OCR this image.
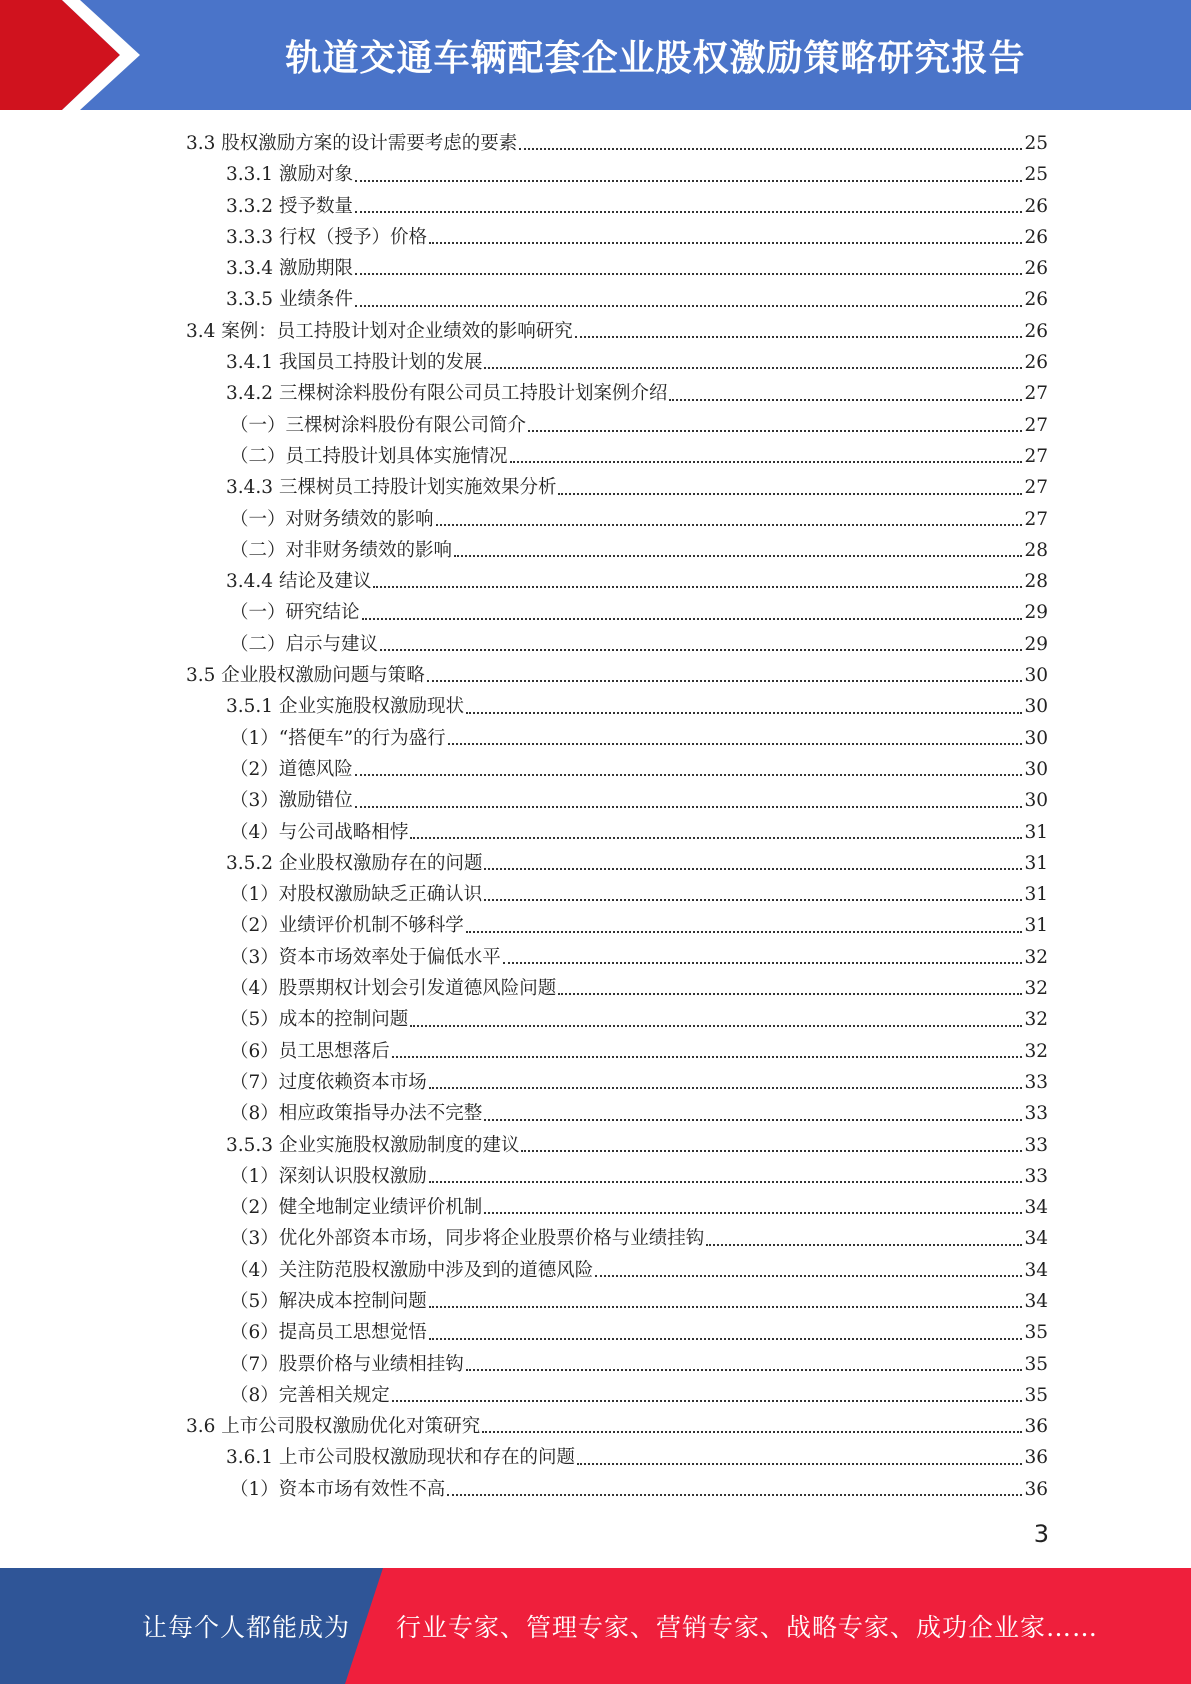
轨道交通车辆配套企业股权激励策略研究报告
3.3 股权激励方案的设计需要考虑的要素	25
3.3.1 激励对象	25
3.3.2 授予数量	26
3.3.3 行权（授予）价格	26
3.3.4 激励期限	26
3.3.5 业绩条件	26
3.4 案例：员工持股计划对企业绩效的影响研究	26
3.4.1 我国员工持股计划的发展	26
3.4.2 三棵树涂料股份有限公司员工持股计划案例介绍	27
（一）三棵树涂料股份有限公司简介	27
（二）员工持股计划具体实施情况	27
3.4.3 三棵树员工持股计划实施效果分析	27
（一）对财务绩效的影响	27
（二）对非财务绩效的影响	28
3.4.4 结论及建议	28
（一）研究结论	29
（二）启示与建议	29
3.5 企业股权激励问题与策略	30
3.5.1 企业实施股权激励现状	30
（1）“搭便车”的行为盛行	30
（2）道德风险	30
（3）激励错位	30
（4）与公司战略相悖	31
3.5.2 企业股权激励存在的问题	31
（1）对股权激励缺乏正确认识	31
（2）业绩评价机制不够科学	31
（3）资本市场效率处于偏低水平	32
（4）股票期权计划会引发道德风险问题	32
（5）成本的控制问题	32
（6）员工思想落后	32
（7）过度依赖资本市场	33
（8）相应政策指导办法不完整	33
3.5.3 企业实施股权激励制度的建议	33
（1）深刻认识股权激励	33
（2）健全地制定业绩评价机制	34
（3）优化外部资本市场，同步将企业股票价格与业绩挂钩	34
（4）关注防范股权激励中涉及到的道德风险	34
（5）解决成本控制问题	34
（6）提高员工思想觉悟	35
（7）股票价格与业绩相挂钩	35
（8）完善相关规定	35
3.6 上市公司股权激励优化对策研究	36
3.6.1 上市公司股权激励现状和存在的问题	36
（1）资本市场有效性不高	36
3
让每个人都能成为 行业专家、管理专家、营销专家、战略专家、成功企业家……
